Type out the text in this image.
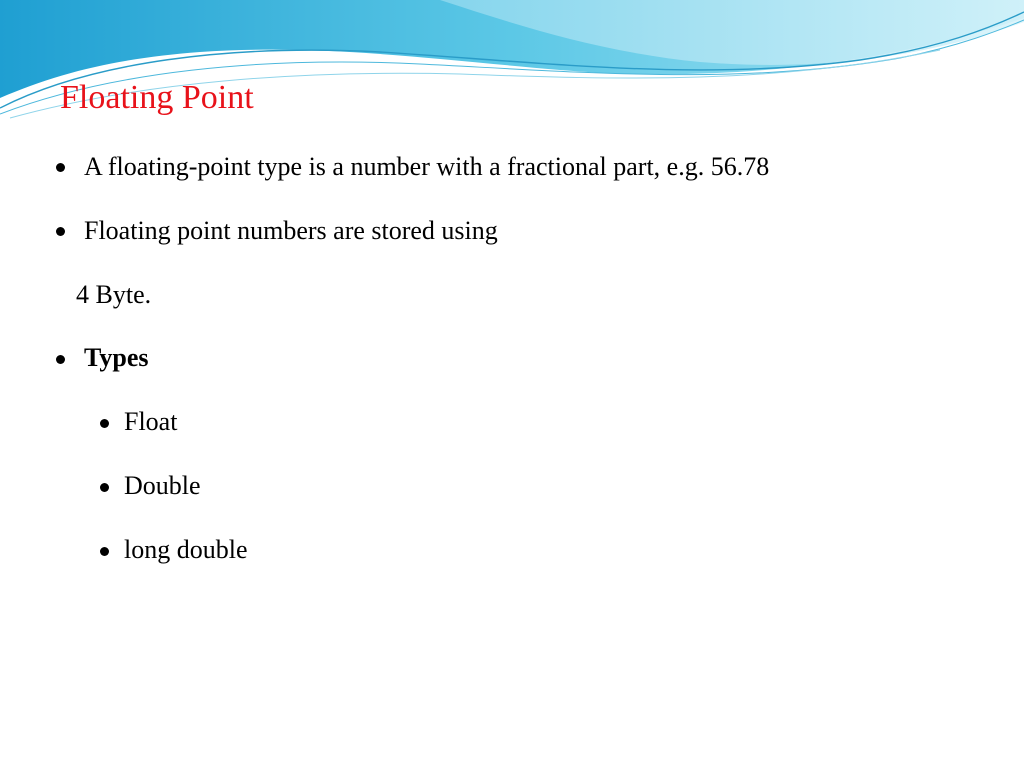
Floating Point
A floating-point type is a number with a fractional part, e.g. 56.78
Floating point numbers are stored using
4 Byte.
Types
Float
Double
long double
